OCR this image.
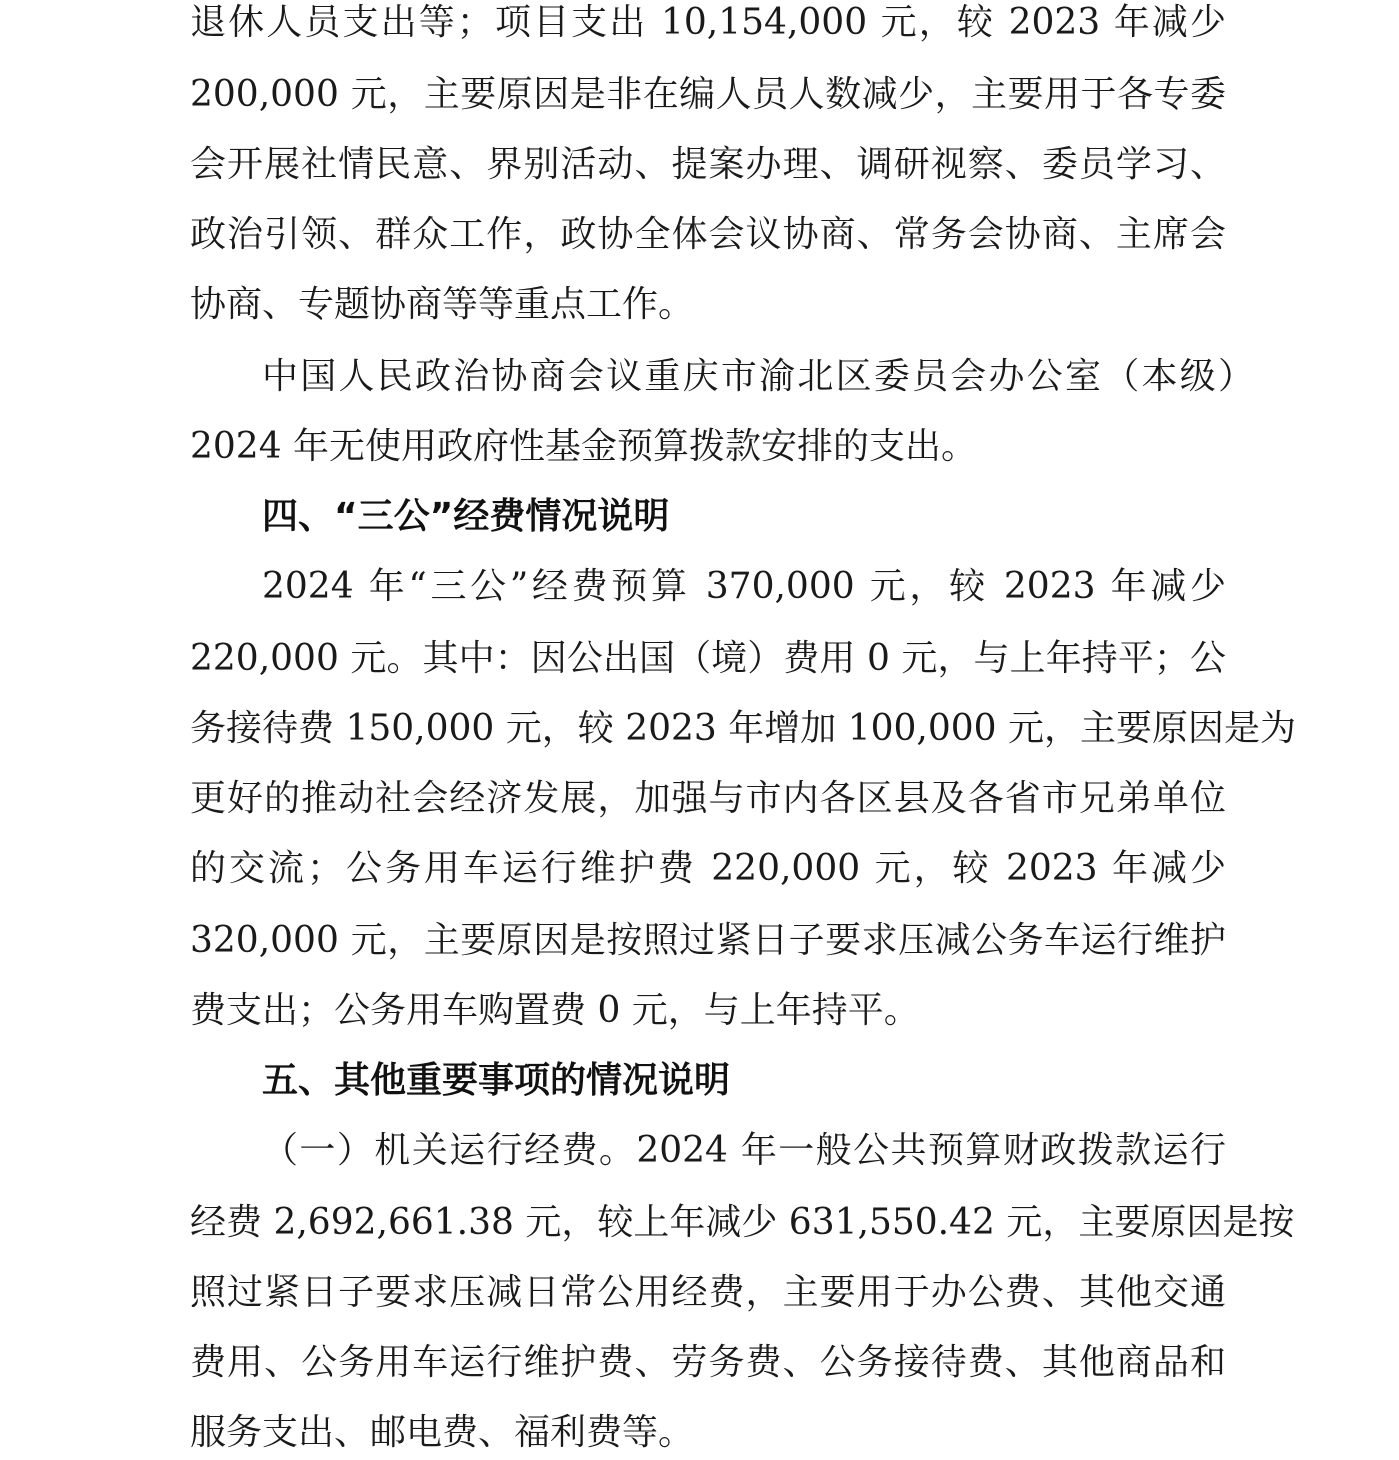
退休人员支出等；项目支出 10,154,000 元，较 2023 年减少
200,000 元，主要原因是非在编人员人数减少，主要用于各专委
会开展社情民意、界别活动、提案办理、调研视察、委员学习、
政治引领、群众工作，政协全体会议协商、常务会协商、主席会
协商、专题协商等等重点工作。
中国人民政治协商会议重庆市渝北区委员会办公室（本级）
2024 年无使用政府性基金预算拨款安排的支出。
四、“三公”经费情况说明
2024 年“三公”经费预算 370,000 元，较 2023 年减少
220,000 元。其中：因公出国（境）费用 0 元，与上年持平；公
务接待费 150,000 元，较 2023 年增加 100,000 元，主要原因是为
更好的推动社会经济发展，加强与市内各区县及各省市兄弟单位
的交流；公务用车运行维护费 220,000 元，较 2023 年减少
320,000 元，主要原因是按照过紧日子要求压减公务车运行维护
费支出；公务用车购置费 0 元，与上年持平。
五、其他重要事项的情况说明
（一）机关运行经费。2024 年一般公共预算财政拨款运行
经费 2,692,661.38 元，较上年减少 631,550.42 元，主要原因是按
照过紧日子要求压减日常公用经费，主要用于办公费、其他交通
费用、公务用车运行维护费、劳务费、公务接待费、其他商品和
服务支出、邮电费、福利费等。
